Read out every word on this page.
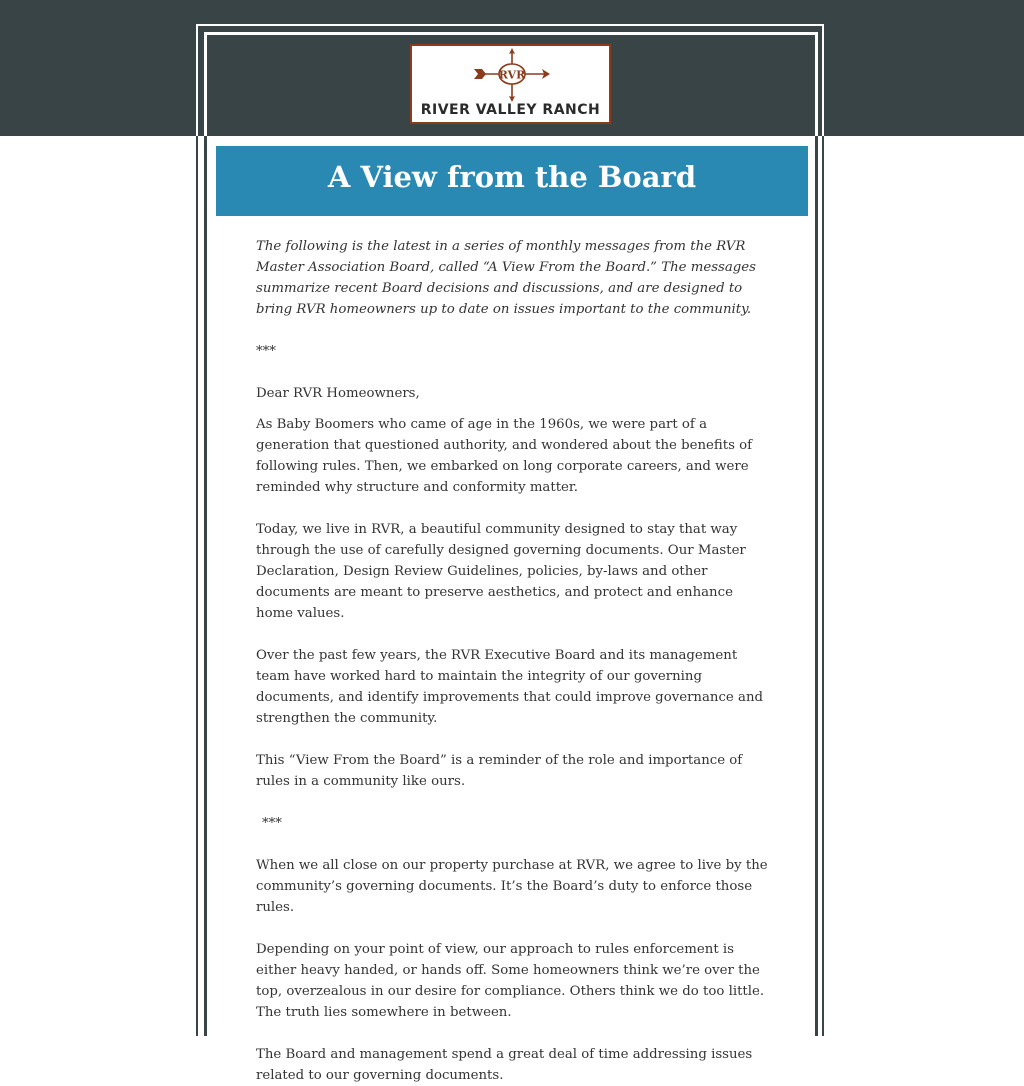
RVR
RIVER VALLEY RANCH
A View from the Board

The following is the latest in a series of monthly messages from the RVR Master Association Board, called “A View From the Board.” The messages summarize recent Board decisions and discussions, and are designed to bring RVR homeowners up to date on issues important to the community.

***

Dear RVR Homeowners,

As Baby Boomers who came of age in the 1960s, we were part of a generation that questioned authority, and wondered about the benefits of following rules. Then, we embarked on long corporate careers, and were reminded why structure and conformity matter.

Today, we live in RVR, a beautiful community designed to stay that way through the use of carefully designed governing documents. Our Master Declaration, Design Review Guidelines, policies, by-laws and other documents are meant to preserve aesthetics, and protect and enhance home values.

Over the past few years, the RVR Executive Board and its management team have worked hard to maintain the integrity of our governing documents, and identify improvements that could improve governance and strengthen the community.

This “View From the Board” is a reminder of the role and importance of rules in a community like ours.

***

When we all close on our property purchase at RVR, we agree to live by the community’s governing documents. It’s the Board’s duty to enforce those rules.

Depending on your point of view, our approach to rules enforcement is either heavy handed, or hands off. Some homeowners think we’re over the top, overzealous in our desire for compliance. Others think we do too little. The truth lies somewhere in between.

The Board and management spend a great deal of time addressing issues related to our governing documents.
